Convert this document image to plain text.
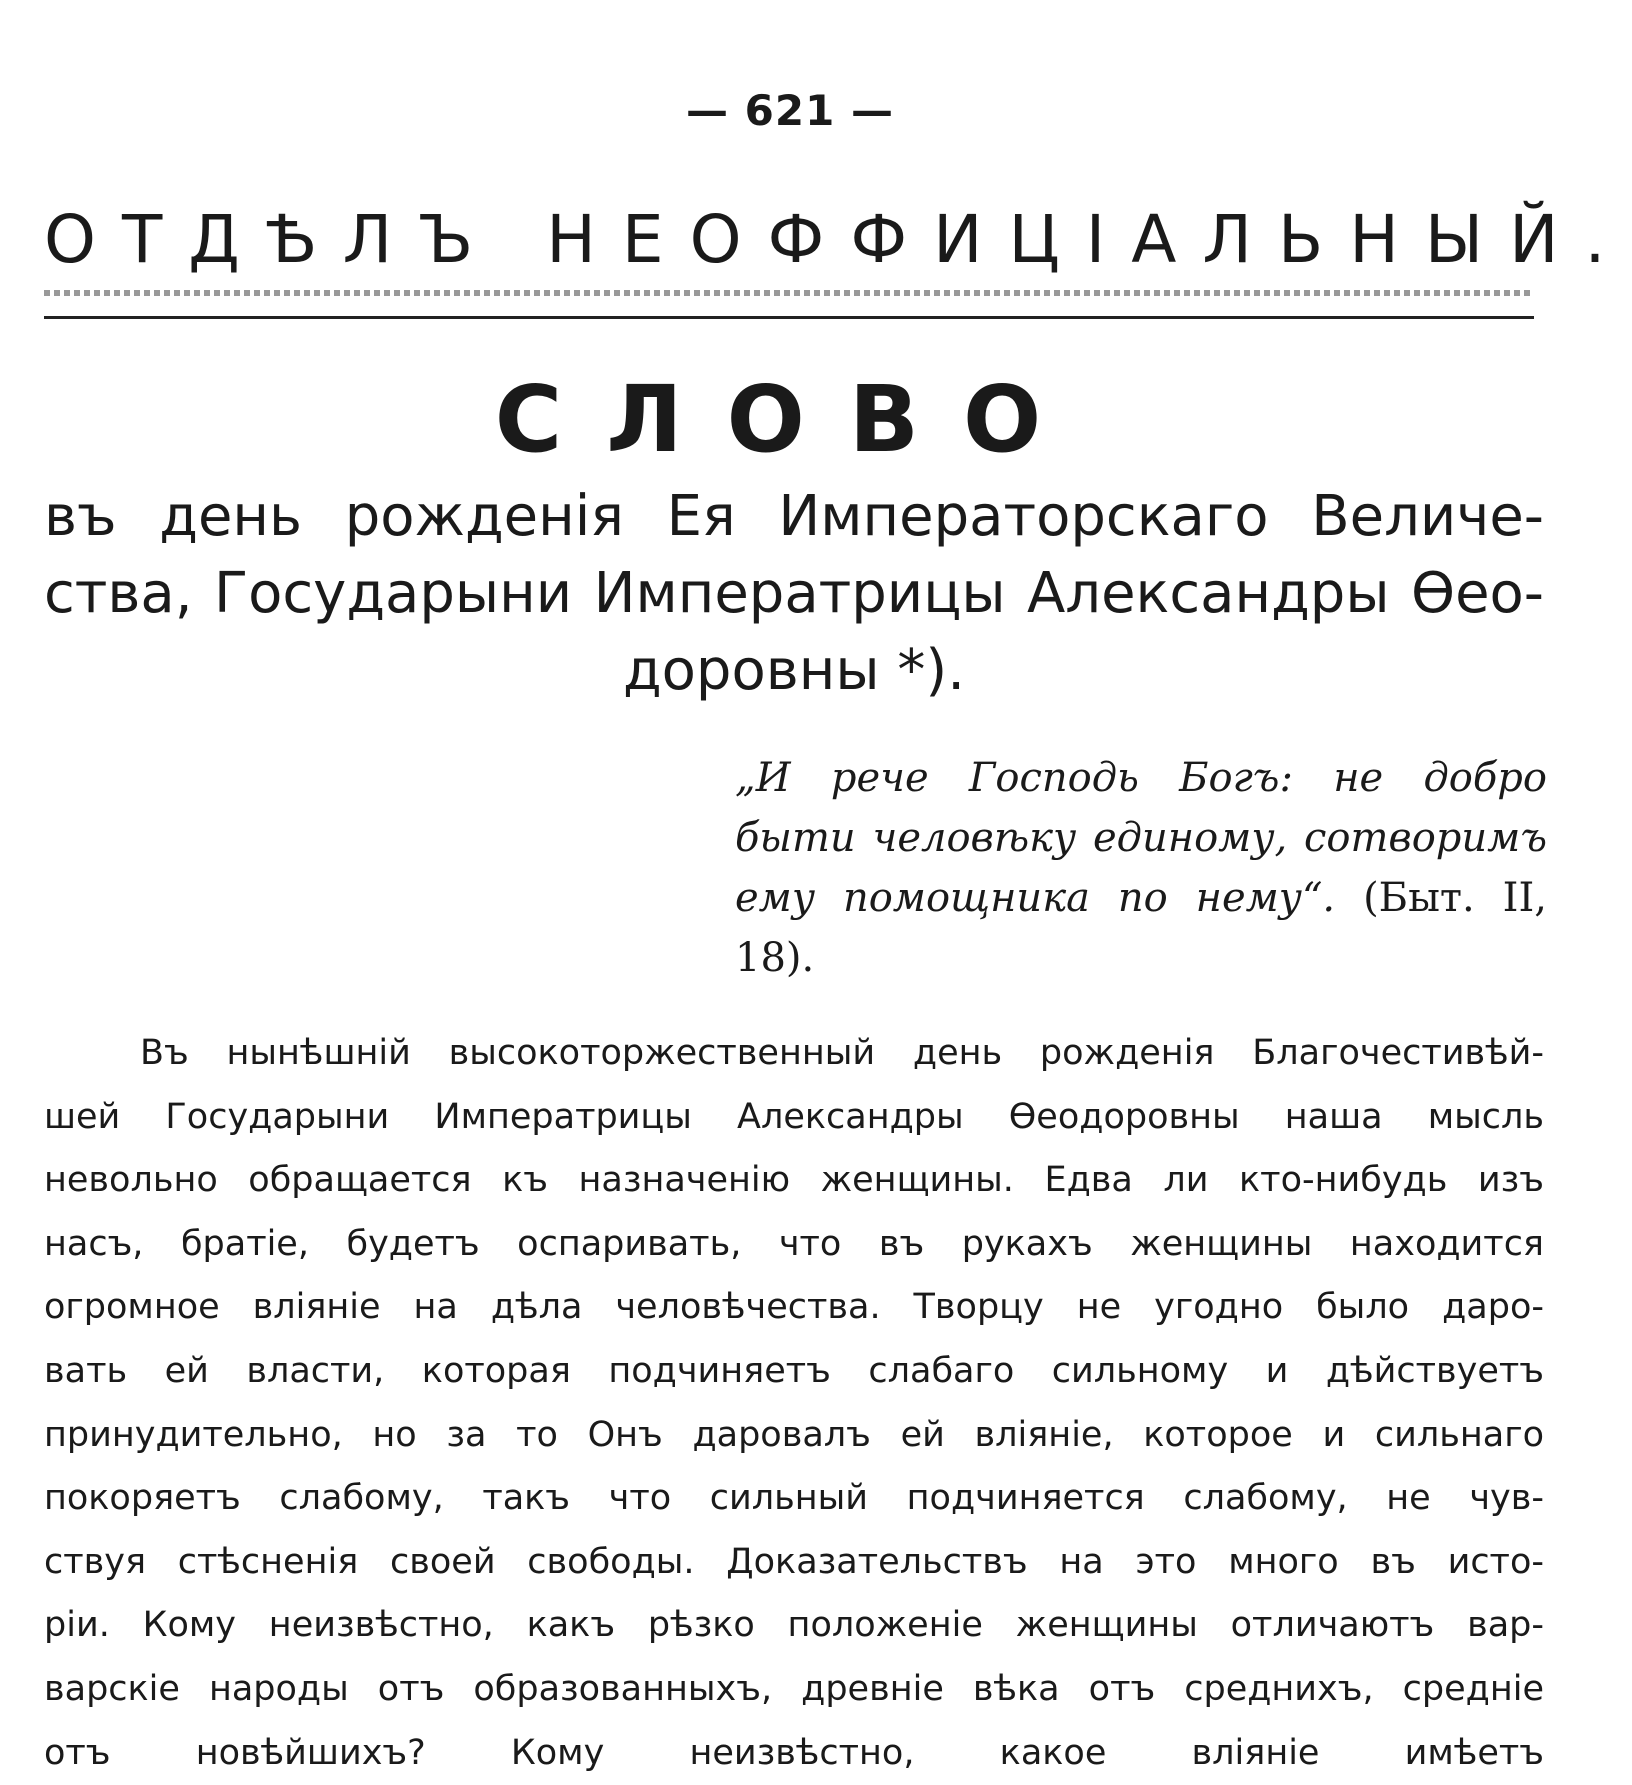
— 621 —
ОТДѢЛЪ НЕОФФИЦIАЛЬНЫЙ.
СЛОВО
въ день рожденія Ея Императорскаго Величе-
ства, Государыни Императрицы Александры Ѳео-
доровны *).
„И рече Господь Богъ: не добро
быти человѣку единому, сотворимъ
ему помощника по нему“. (Быт. II,
18).
Въ нынѣшній высокоторжественный день рожденія Благочестивѣй-
шей Государыни Императрицы Александры Ѳеодоровны наша мысль
невольно обращается къ назначенію женщины. Едва ли кто-нибудь изъ
насъ, братіе, будетъ оспаривать, что въ рукахъ женщины находится
огромное вліяніе на дѣла человѣчества. Творцу не угодно было даро-
вать ей власти, которая подчиняетъ слабаго сильному и дѣйствуетъ
принудительно, но за то Онъ даровалъ ей вліяніе, которое и сильнаго
покоряетъ слабому, такъ что сильный подчиняется слабому, не чув-
ствуя стѣсненія своей свободы. Доказательствъ на это много въ исто-
ріи. Кому неизвѣстно, какъ рѣзко положеніе женщины отличаютъ вар-
варскіе народы отъ образованныхъ, древніе вѣка отъ среднихъ, средніе
отъ новѣйшихъ? Кому неизвѣстно, какое вліяніе имѣетъ
